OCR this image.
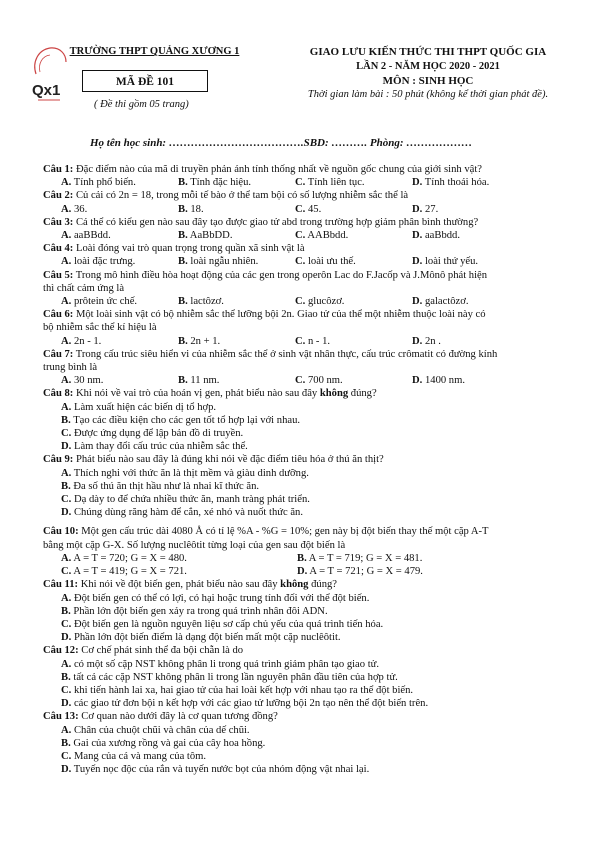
Qx1
TRƯỜNG THPT QUẢNG XƯƠNG 1
MÃ ĐỀ 101
( Đề thi gồm 05 trang)
GIAO LƯU KIẾN THỨC THI THPT QUỐC GIA
LẦN 2 - NĂM HỌC 2020 - 2021
MÔN : SINH HỌC
Thời gian làm bài : 50 phút (không kể thời gian phát đề).
Họ tên học sinh: ……………………………….SBD: ………. Phòng: ………………
Câu 1: Đặc điểm nào của mã di truyền phản ánh tính thống nhất về nguồn gốc chung của giới sinh vật?
A. Tính phổ biến.	B. Tính đặc hiệu.	C. Tính liên tục.	D. Tính thoái hóa.
Câu 2: Củ cải có 2n = 18, trong mỗi tế bào ở thể tam bội có số lượng nhiễm sắc thể là
A. 36.	B. 18.	C. 45.	D. 27.
Câu 3: Cá thể có kiểu gen nào sau đây tạo được giao tử abd trong trường hợp giảm phân bình thường?
A. aaBBdd.	B. AaBbDD.	C. AABbdd.	D. aaBbdd.
Câu 4: Loài đóng vai trò quan trọng trong quần xã sinh vật là
A. loài đặc trưng.	B. loài ngẫu nhiên.	C. loài ưu thế.	D. loài thứ yếu.
Câu 5: Trong mô hình điều hòa hoạt động của các gen trong operôn Lac do F.Jacốp và J.Mônô phát hiện
thì chất cảm ứng là
A. prôtein ức chế.	B. lactôzơ.	C. glucôzơ.	D. galactôzơ.
Câu 6: Một loài sinh vật có bộ nhiễm sắc thể lưỡng bội 2n. Giao tử của thể một nhiễm thuộc loài này có
bộ nhiễm sắc thể kí hiệu là
A. 2n - 1.	B. 2n + 1.	C. n - 1.	D. 2n .
Câu 7: Trong cấu trúc siêu hiển vi của nhiễm sắc thể ở sinh vật nhân thực, cấu trúc crômatit có đường kính
trung bình là
A. 30 nm.	B. 11 nm.	C. 700 nm.	D. 1400 nm.
Câu 8: Khi nói về vai trò của hoán vị gen, phát biểu nào sau đây không đúng?
A. Làm xuất hiện các biến dị tổ hợp.
B. Tạo các điều kiện cho các gen tốt tổ hợp lại với nhau.
C. Được ứng dụng để lập bản đồ di truyền.
D. Làm thay đổi cấu trúc của nhiễm sắc thể.
Câu 9: Phát biểu nào sau đây là đúng khi nói về đặc điểm tiêu hóa ở thú ăn thịt?
A. Thích nghi với thức ăn là thịt mềm và giàu dinh dưỡng.
B. Đa số thú ăn thịt hầu như là nhai kĩ thức ăn.
C. Dạ dày to để chứa nhiều thức ăn, manh tràng phát triển.
D. Chúng dùng răng hàm để cắn, xé nhỏ và nuốt thức ăn.
Câu 10: Một gen cấu trúc dài 4080 Å có tỉ lệ %A - %G = 10%; gen này bị đột biến thay thế một cặp A-T
bằng một cặp G-X. Số lượng nuclêôtit từng loại của gen sau đột biến là
A. A = T = 720; G = X = 480.	B. A = T = 719; G = X = 481.
C. A = T = 419; G = X = 721.	D. A = T = 721; G = X = 479.
Câu 11: Khi nói về đột biến gen, phát biểu nào sau đây không đúng?
A. Đột biến gen có thể có lợi, có hại hoặc trung tính đối với thể đột biến.
B. Phần lớn đột biến gen xảy ra trong quá trình nhân đôi ADN.
C. Đột biến gen là nguồn nguyên liệu sơ cấp chủ yếu của quá trình tiến hóa.
D. Phần lớn đột biến điểm là dạng đột biến mất một cặp nuclêôtit.
Câu 12: Cơ chế phát sinh thể đa bội chẵn là do
A. có một số cặp NST không phân li trong quá trình giảm phân tạo giao tử.
B. tất cả các cặp NST không phân li trong lần nguyên phân đầu tiên của hợp tử.
C. khi tiến hành lai xa, hai giao tử của hai loài kết hợp với nhau tạo ra thể đột biến.
D. các giao tử đơn bội n kết hợp với các giao tử lưỡng bội 2n tạo nên thể đột biến trên.
Câu 13: Cơ quan nào dưới đây là cơ quan tương đồng?
A. Chân của chuột chũi và chân của dế chũi.
B. Gai của xương rồng và gai của cây hoa hồng.
C. Mang của cá và mang của tôm.
D. Tuyến nọc độc của rắn và tuyến nước bọt của nhóm động vật nhai lại.
